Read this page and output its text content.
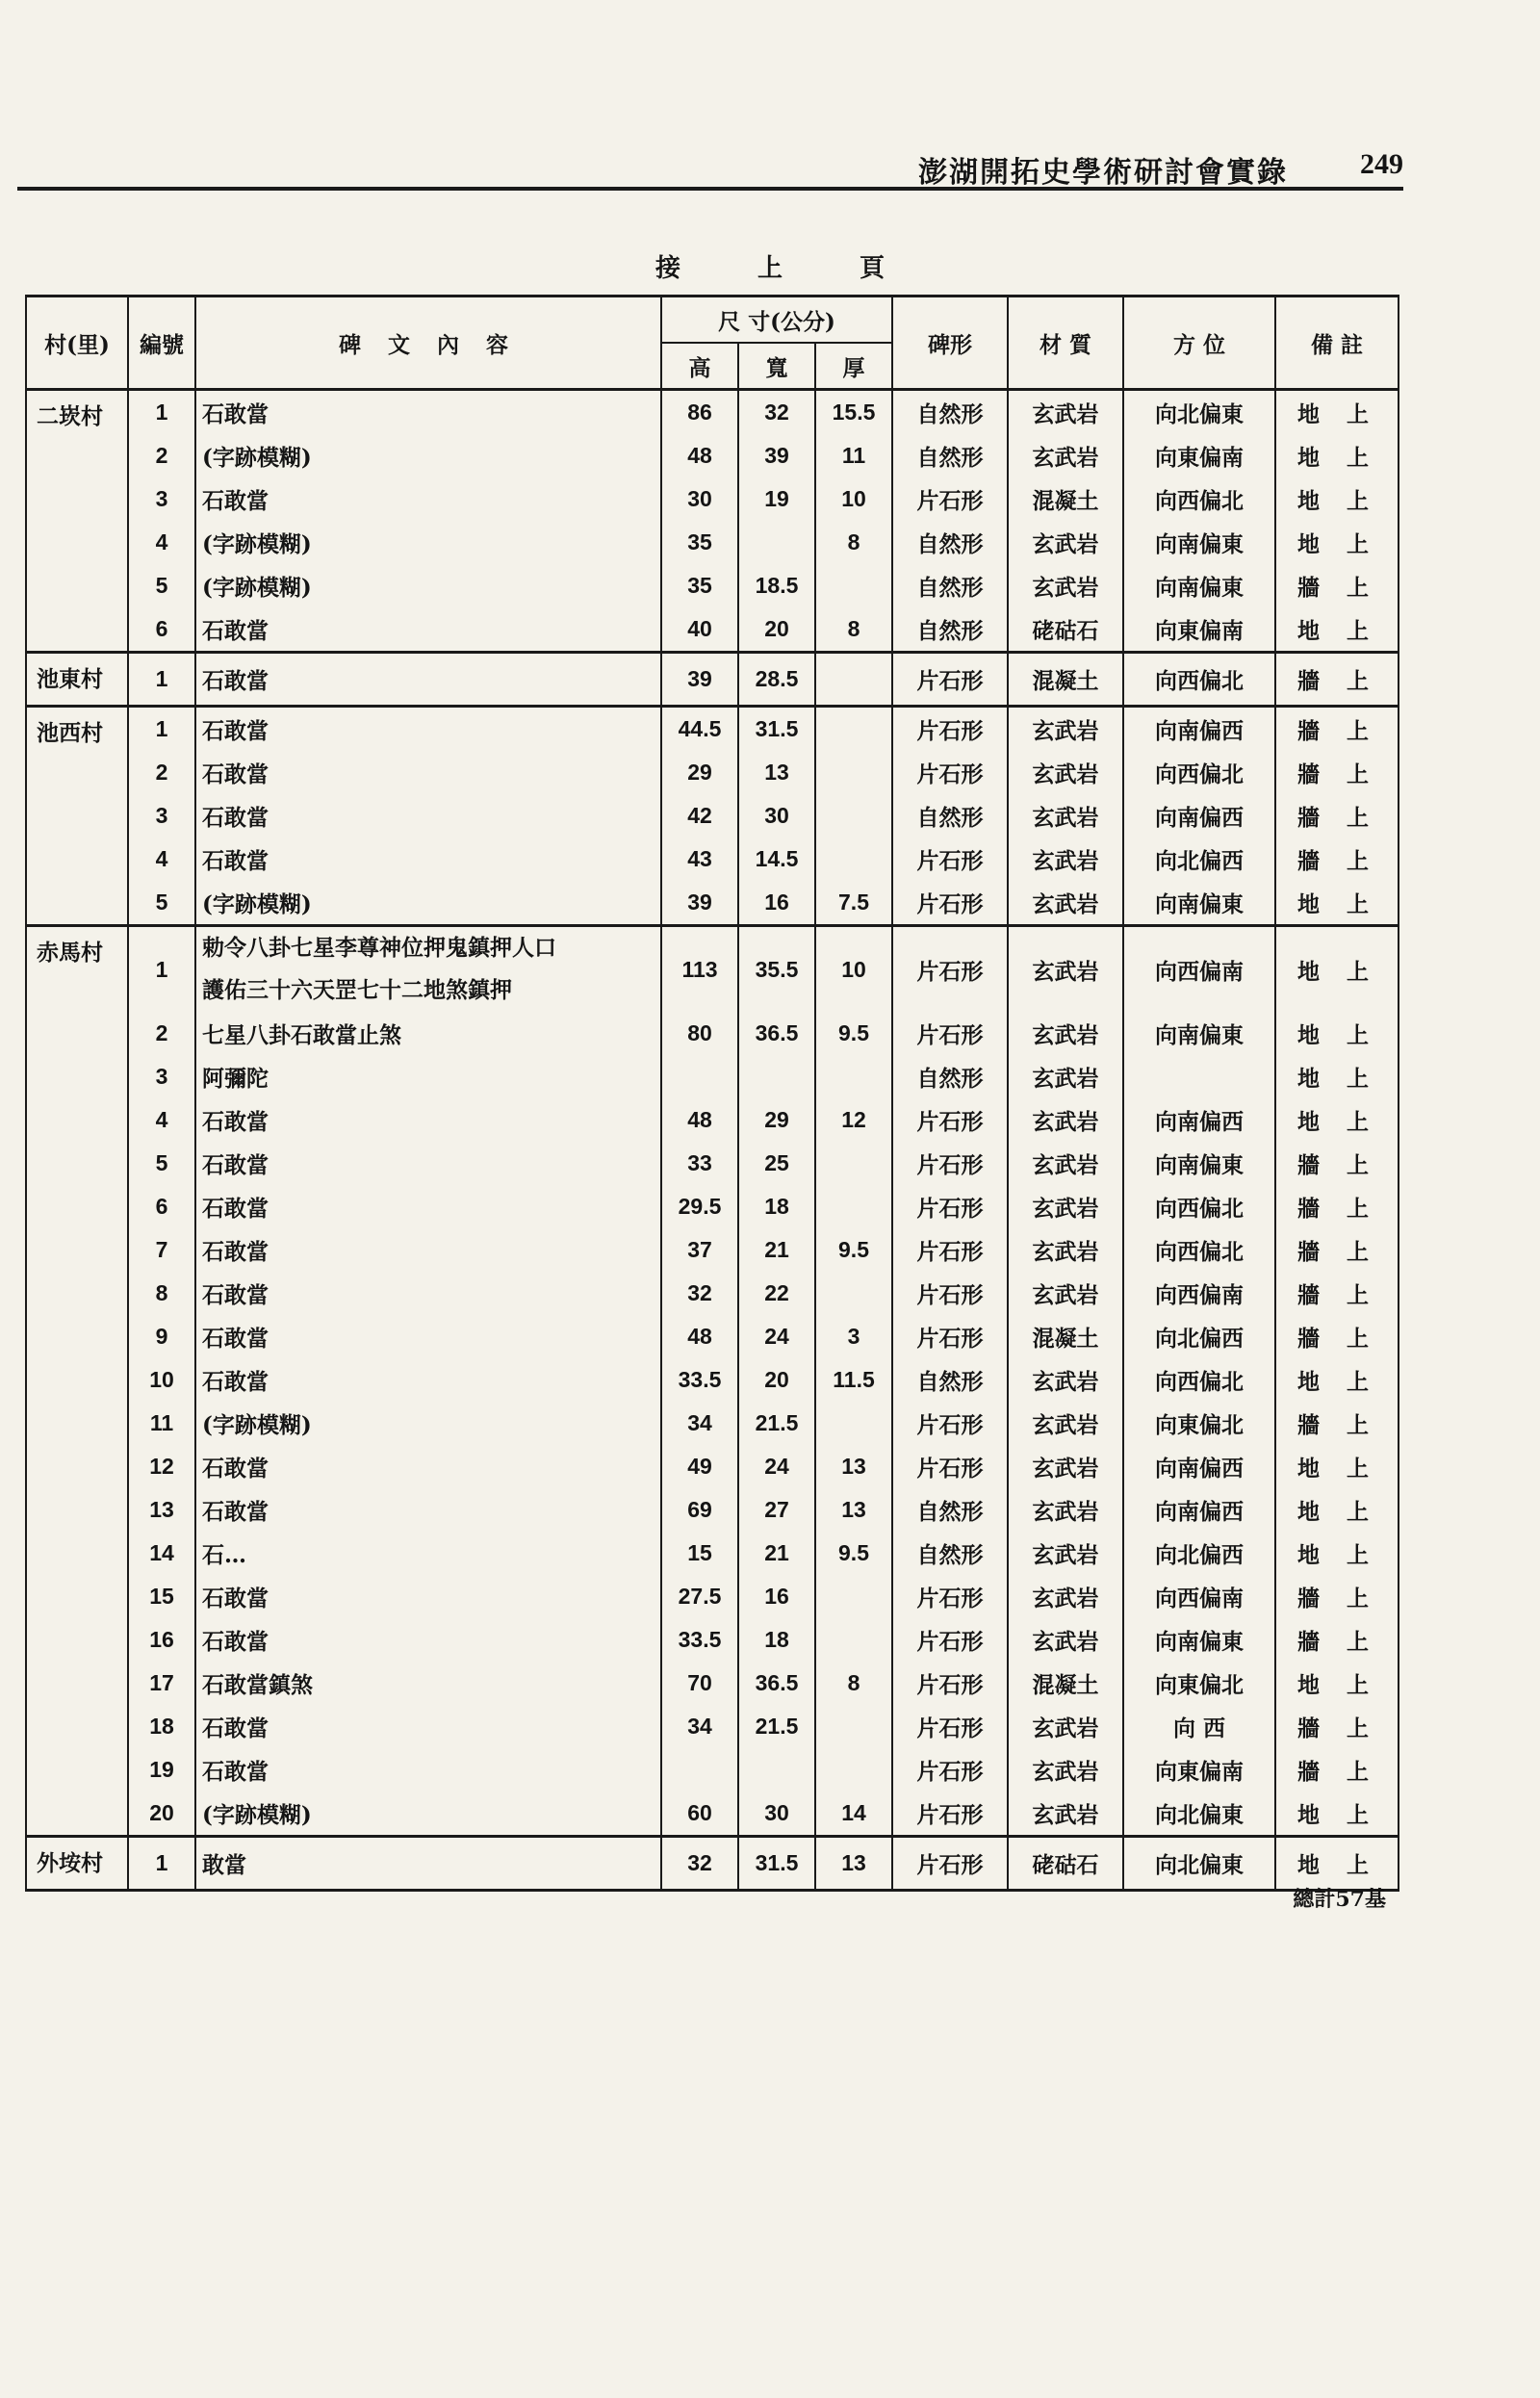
澎湖開拓史學術研討會實錄	249
接上頁
村(里)	編號	碑 文 內 容	尺 寸(公分)			碑形	材 質	方 位	備 註
			高	寬	厚				
二崁村	1	石敢當	86	32	15.5	自然形	玄武岩	向北偏東	地上
	2	(字跡模糊)	48	39	11	自然形	玄武岩	向東偏南	地上
	3	石敢當	30	19	10	片石形	混凝土	向西偏北	地上
	4	(字跡模糊)	35		8	自然形	玄武岩	向南偏東	地上
	5	(字跡模糊)	35	18.5		自然形	玄武岩	向南偏東	牆上
	6	石敢當	40	20	8	自然形	硓𥑮石	向東偏南	地上
池東村	1	石敢當	39	28.5		片石形	混凝土	向西偏北	牆上
池西村	1	石敢當	44.5	31.5		片石形	玄武岩	向南偏西	牆上
	2	石敢當	29	13		片石形	玄武岩	向西偏北	牆上
	3	石敢當	42	30		自然形	玄武岩	向南偏西	牆上
	4	石敢當	43	14.5		片石形	玄武岩	向北偏西	牆上
	5	(字跡模糊)	39	16	7.5	片石形	玄武岩	向南偏東	地上
赤馬村	1	勅令八卦七星李尊神位押鬼鎮押人口
護佑三十六天罡七十二地煞鎮押	113	35.5	10	片石形	玄武岩	向西偏南	地上
	2	七星八卦石敢當止煞	80	36.5	9.5	片石形	玄武岩	向南偏東	地上
	3	阿彌陀				自然形	玄武岩		地上
	4	石敢當	48	29	12	片石形	玄武岩	向南偏西	地上
	5	石敢當	33	25		片石形	玄武岩	向南偏東	牆上
	6	石敢當	29.5	18		片石形	玄武岩	向西偏北	牆上
	7	石敢當	37	21	9.5	片石形	玄武岩	向西偏北	牆上
	8	石敢當	32	22		片石形	玄武岩	向西偏南	牆上
	9	石敢當	48	24	3	片石形	混凝土	向北偏西	牆上
	10	石敢當	33.5	20	11.5	自然形	玄武岩	向西偏北	地上
	11	(字跡模糊)	34	21.5		片石形	玄武岩	向東偏北	牆上
	12	石敢當	49	24	13	片石形	玄武岩	向南偏西	地上
	13	石敢當	69	27	13	自然形	玄武岩	向南偏西	地上
	14	石…	15	21	9.5	自然形	玄武岩	向北偏西	地上
	15	石敢當	27.5	16		片石形	玄武岩	向西偏南	牆上
	16	石敢當	33.5	18		片石形	玄武岩	向南偏東	牆上
	17	石敢當鎮煞	70	36.5	8	片石形	混凝土	向東偏北	地上
	18	石敢當	34	21.5		片石形	玄武岩	向 西	牆上
	19	石敢當				片石形	玄武岩	向東偏南	牆上
	20	(字跡模糊)	60	30	14	片石形	玄武岩	向北偏東	地上
外垵村	1	敢當	32	31.5	13	片石形	硓𥑮石	向北偏東	地上
總計57基
